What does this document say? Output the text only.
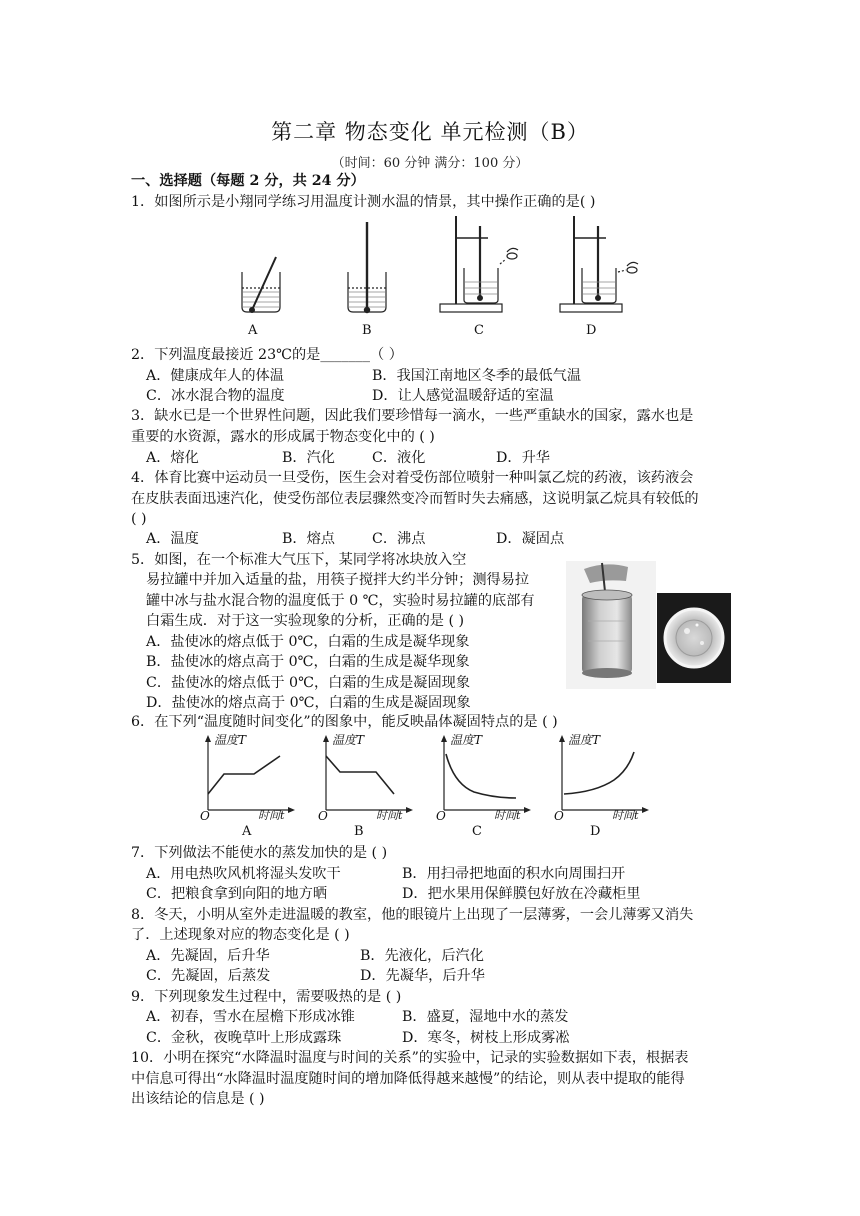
第二章 物态变化 单元检测（B）
（时间：60 分钟 满分：100 分）
一、选择题（每题 2 分，共 24 分）
1．如图所示是小翔同学练习用温度计测水温的情景，其中操作正确的是( )
A	B	C	D
2．下列温度最接近 23℃的是_______（ ）
A．健康成年人的体温	B．我国江南地区冬季的最低气温
C．冰水混合物的温度	D．让人感觉温暖舒适的室温
3．缺水已是一个世界性问题，因此我们要珍惜每一滴水，一些严重缺水的国家，露水也是
重要的水资源，露水的形成属于物态变化中的 ( )
A．熔化	B．汽化	C．液化	D．升华
4．体育比赛中运动员一旦受伤，医生会对着受伤部位喷射一种叫氯乙烷的药液，该药液会
在皮肤表面迅速汽化，使受伤部位表层骤然变冷而暂时失去痛感，这说明氯乙烷具有较低的
( )
A．温度	B．熔点	C．沸点	D．凝固点
5．如图，在一个标准大气压下，某同学将冰块放入空
易拉罐中并加入适量的盐，用筷子搅拌大约半分钟；测得易拉
罐中冰与盐水混合物的温度低于 0 ℃，实验时易拉罐的底部有
白霜生成．对于这一实验现象的分析，正确的是 ( )
A．盐使冰的熔点低于 0℃，白霜的生成是凝华现象
B．盐使冰的熔点高于 0℃，白霜的生成是凝华现象
C．盐使冰的熔点低于 0℃，白霜的生成是凝固现象
D．盐使冰的熔点高于 0℃，白霜的生成是凝固现象
6．在下列“温度随时间变化”的图象中，能反映晶体凝固特点的是 ( )
温度T
O	时间t
A
温度T
O	时间t
B
温度T
O	时间t
C
温度T
O	时间t
D
7．下列做法不能使水的蒸发加快的是 ( )
A．用电热吹风机将湿头发吹干	B．用扫帚把地面的积水向周围扫开
C．把粮食拿到向阳的地方晒	D．把水果用保鲜膜包好放在冷藏柜里
8．冬天，小明从室外走进温暖的教室，他的眼镜片上出现了一层薄雾，一会儿薄雾又消失
了．上述现象对应的物态变化是 ( )
A．先凝固，后升华	B．先液化，后汽化
C．先凝固，后蒸发	D．先凝华，后升华
9．下列现象发生过程中，需要吸热的是 ( )
A．初春，雪水在屋檐下形成冰锥	B．盛夏，湿地中水的蒸发
C．金秋，夜晚草叶上形成露珠	D．寒冬，树枝上形成雾凇
10．小明在探究“水降温时温度与时间的关系”的实验中，记录的实验数据如下表，根据表
中信息可得出“水降温时温度随时间的增加降低得越来越慢”的结论，则从表中提取的能得
出该结论的信息是 ( )
